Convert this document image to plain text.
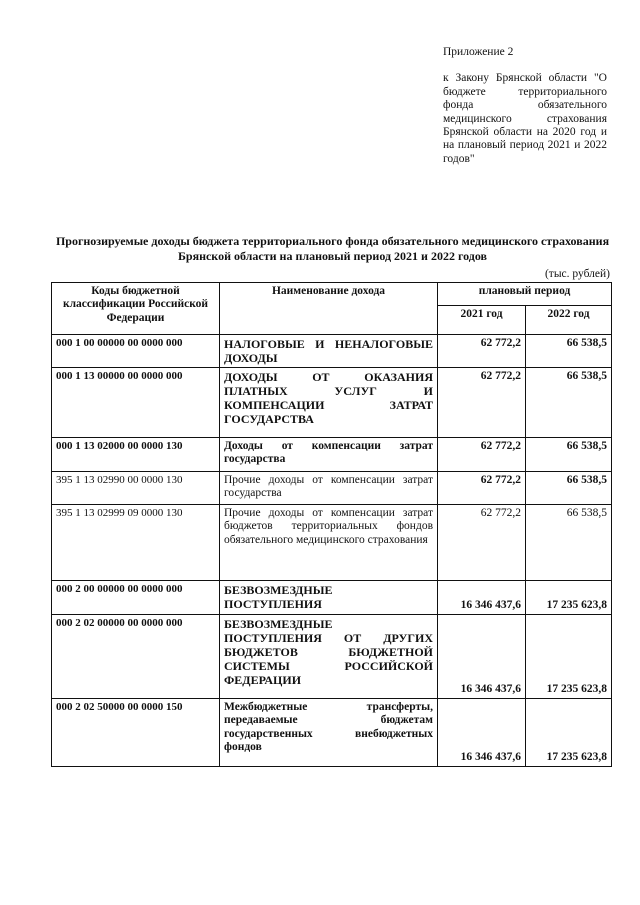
Приложение 2
к Закону Брянской области "О бюджете территориального фонда обязательного медицинского страхования Брянской области на 2020 год и на плановый период 2021 и 2022 годов"
Прогнозируемые доходы бюджета территориального фонда обязательного медицинского страхования Брянской области на плановый период 2021 и 2022 годов
(тыс. рублей)
Коды бюджетной классификации Российской Федерации	Наименование дохода	плановый период	
		2021 год	2022 год
000 1 00 00000 00 0000 000	НАЛОГОВЫЕ И НЕНАЛОГОВЫЕ ДОХОДЫ	62 772,2	66 538,5
000 1 13 00000 00 0000 000	ДОХОДЫ ОТ ОКАЗАНИЯ ПЛАТНЫХ УСЛУГ И КОМПЕНСАЦИИ ЗАТРАТ ГОСУДАРСТВА	62 772,2	66 538,5
000 1 13 02000 00 0000 130	Доходы от компенсации затрат государства	62 772,2	66 538,5
395 1 13 02990 00 0000 130	Прочие доходы от компенсации затрат государства	62 772,2	66 538,5
395 1 13 02999 09 0000 130	Прочие доходы от компенсации затрат бюджетов территориальных фондов обязательного медицинского страхования	62 772,2	66 538,5
000 2 00 00000 00 0000 000	БЕЗВОЗМЕЗДНЫЕ ПОСТУПЛЕНИЯ	16 346 437,6	17 235 623,8
000 2 02 00000 00 0000 000	БЕЗВОЗМЕЗДНЫЕ ПОСТУПЛЕНИЯ ОТ ДРУГИХ БЮДЖЕТОВ БЮДЖЕТНОЙ СИСТЕМЫ РОССИЙСКОЙ ФЕДЕРАЦИИ	16 346 437,6	17 235 623,8
000 2 02 50000 00 0000 150	Межбюджетные трансферты, передаваемые бюджетам государственных внебюджетных фондов	16 346 437,6	17 235 623,8
